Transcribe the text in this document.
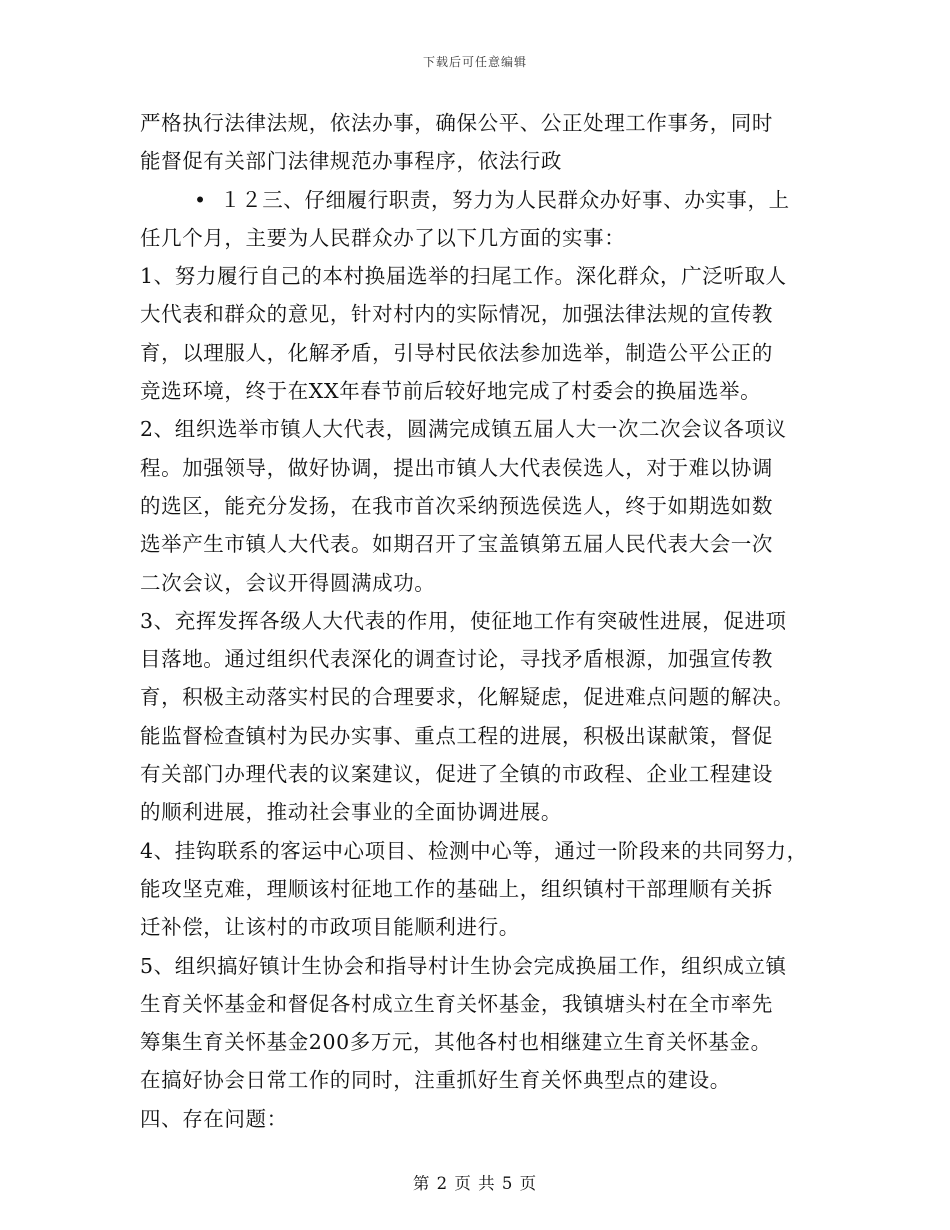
下载后可任意编辑
严格执行法律法规，依法办事，确保公平、公正处理工作事务，同时
能督促有关部门法律规范办事程序，依法行政
• １２三、仔细履行职责，努力为人民群众办好事、办实事，上
任几个月，主要为人民群众办了以下几方面的实事：
1、努力履行自己的本村换届选举的扫尾工作。深化群众，广泛听取人
大代表和群众的意见，针对村内的实际情况，加强法律法规的宣传教
育，以理服人，化解矛盾，引导村民依法参加选举，制造公平公正的
竞选环境，终于在XX年春节前后较好地完成了村委会的换届选举。
2、组织选举市镇人大代表，圆满完成镇五届人大一次二次会议各项议
程。加强领导，做好协调，提出市镇人大代表侯选人，对于难以协调
的选区，能充分发扬，在我市首次采纳预选侯选人，终于如期选如数
选举产生市镇人大代表。如期召开了宝盖镇第五届人民代表大会一次
二次会议，会议开得圆满成功。
3、充挥发挥各级人大代表的作用，使征地工作有突破性进展，促进项
目落地。通过组织代表深化的调查讨论，寻找矛盾根源，加强宣传教
育，积极主动落实村民的合理要求，化解疑虑，促进难点问题的解决。
能监督检查镇村为民办实事、重点工程的进展，积极出谋献策，督促
有关部门办理代表的议案建议，促进了全镇的市政程、企业工程建设
的顺利进展，推动社会事业的全面协调进展。
4、挂钩联系的客运中心项目、检测中心等，通过一阶段来的共同努力，
能攻坚克难，理顺该村征地工作的基础上，组织镇村干部理顺有关拆
迁补偿，让该村的市政项目能顺利进行。
5、组织搞好镇计生协会和指导村计生协会完成换届工作，组织成立镇
生育关怀基金和督促各村成立生育关怀基金，我镇塘头村在全市率先
筹集生育关怀基金200多万元，其他各村也相继建立生育关怀基金。
在搞好协会日常工作的同时，注重抓好生育关怀典型点的建设。
四、存在问题：
第 2 页 共 5 页
